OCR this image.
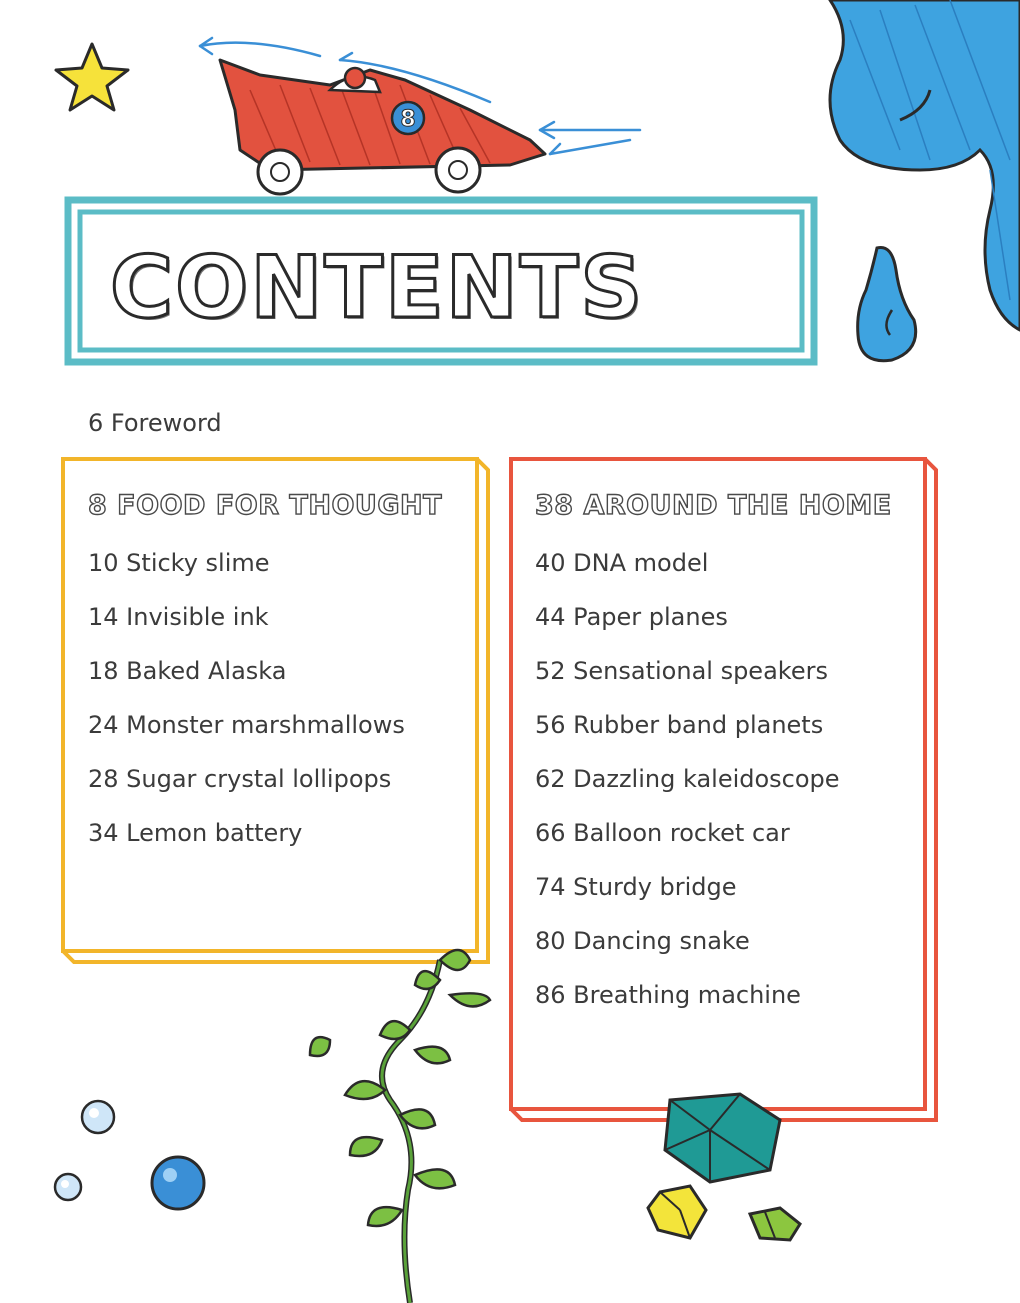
8
CONTENTS
6 Foreword
8 FOOD FOR THOUGHT
10 Sticky slime
14 Invisible ink
18 Baked Alaska
24 Monster marshmallows
28 Sugar crystal lollipops
34 Lemon battery
38 AROUND THE HOME
40 DNA model
44 Paper planes
52 Sensational speakers
56 Rubber band planets
62 Dazzling kaleidoscope
66 Balloon rocket car
74 Sturdy bridge
80 Dancing snake
86 Breathing machine
